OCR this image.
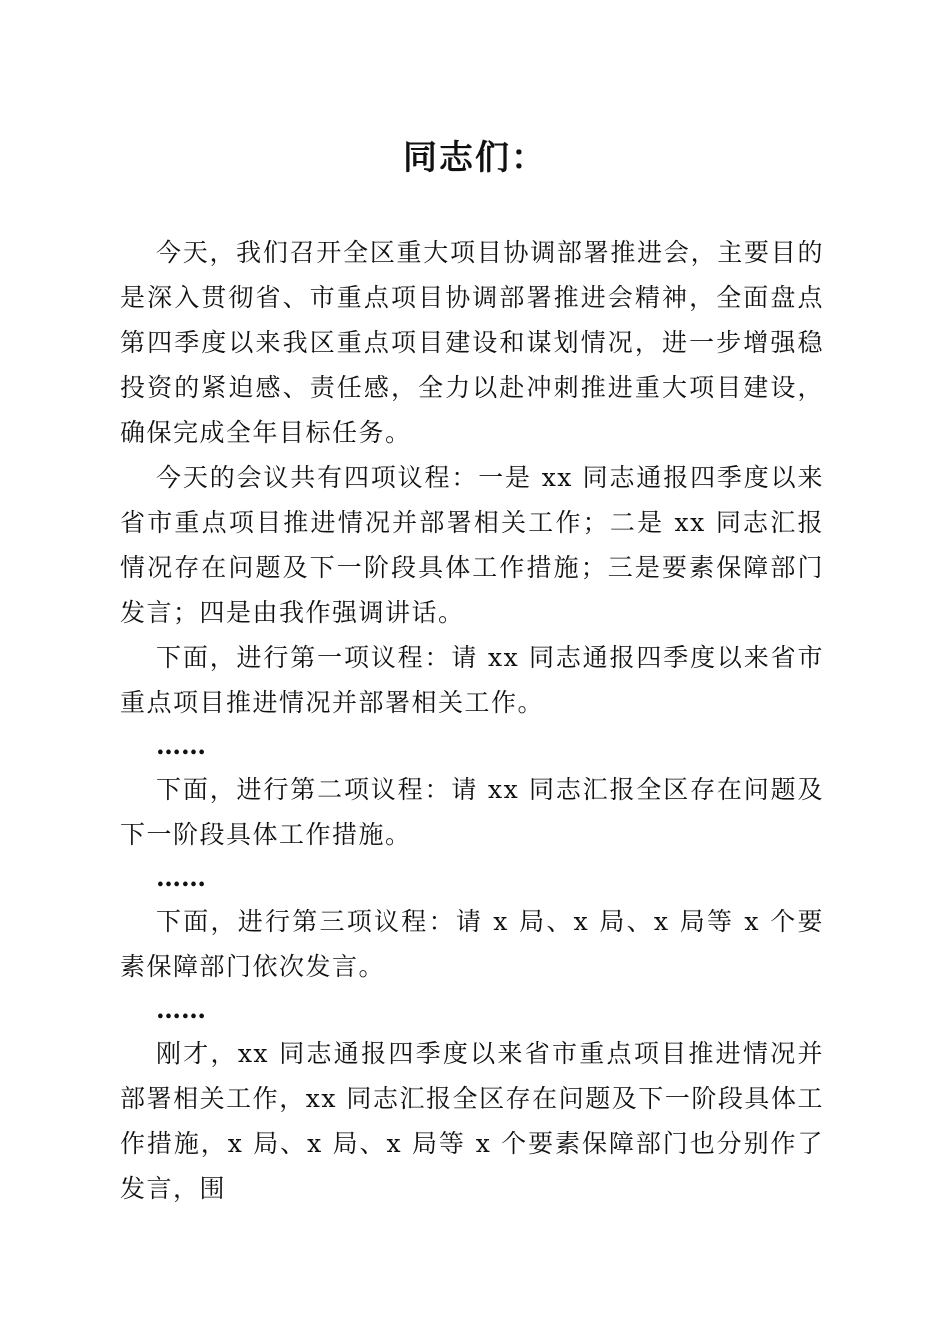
同志们：

今天，我们召开全区重大项目协调部署推进会，主要目的是深入贯彻省、市重点项目协调部署推进会精神，全面盘点第四季度以来我区重点项目建设和谋划情况，进一步增强稳投资的紧迫感、责任感，全力以赴冲刺推进重大项目建设，确保完成全年目标任务。

今天的会议共有四项议程：一是 xx 同志通报四季度以来省市重点项目推进情况并部署相关工作；二是 xx 同志汇报情况存在问题及下一阶段具体工作措施；三是要素保障部门发言；四是由我作强调讲话。

下面，进行第一项议程：请 xx 同志通报四季度以来省市重点项目推进情况并部署相关工作。

……

下面，进行第二项议程：请 xx 同志汇报全区存在问题及下一阶段具体工作措施。

……

下面，进行第三项议程：请 x 局、x 局、x 局等 x 个要素保障部门依次发言。

……

刚才，xx 同志通报四季度以来省市重点项目推进情况并部署相关工作，xx 同志汇报全区存在问题及下一阶段具体工作措施，x 局、x 局、x 局等 x 个要素保障部门也分别作了发言，围
